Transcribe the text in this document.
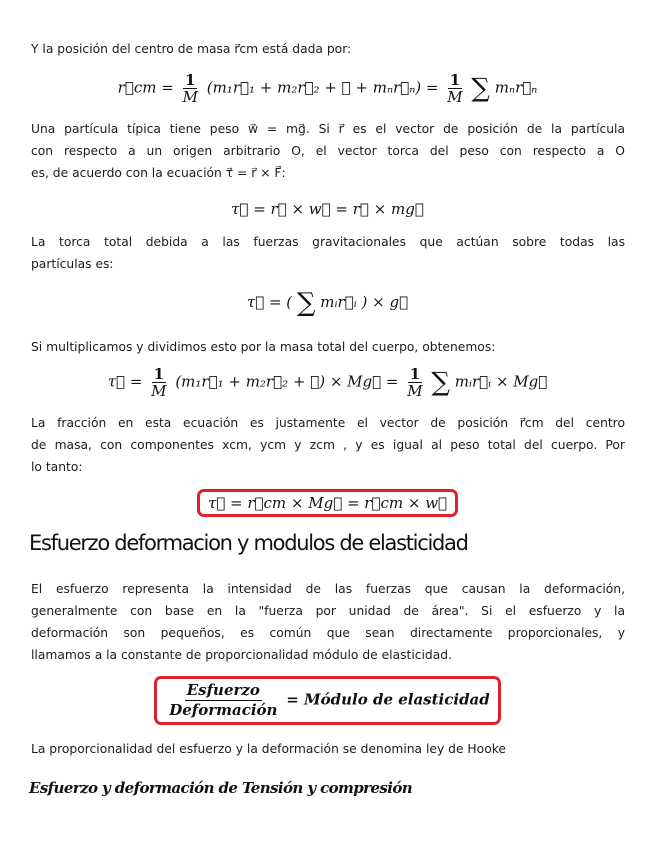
Y la posición del centro de masa r⃗cm está dada por:
r⃗cm = $\frac{1}{M}$ (m₁r⃗₁ + m₂r⃗₂ + ⋯ + mₙr⃗ₙ) = $\frac{1}{M}$ ∑ mₙr⃗ₙ
Una partícula típica tiene peso w⃗ = mg⃗. Si r⃗ es el vector de posición de la partícula
con respecto a un origen arbitrario O, el vector torca del peso con respecto a O
es, de acuerdo con la ecuación τ⃗ = r⃗ × F⃗:
τ⃗ = r⃗ × w⃗ = r⃗ × mg⃗
La torca total debida a las fuerzas gravitacionales que actúan sobre todas las
partículas es:
τ⃗ = ( ∑ mᵢr⃗ᵢ ) × g⃗
Si multiplicamos y dividimos esto por la masa total del cuerpo, obtenemos:
τ⃗ = $\frac{1}{M}$ (m₁r⃗₁ + m₂r⃗₂ + ⋯) × Mg⃗ = $\frac{1}{M}$ ∑ mᵢr⃗ᵢ × Mg⃗
La fracción en esta ecuación es justamente el vector de posición r⃗cm del centro
de masa, con componentes xcm, ycm y zcm , y es igual al peso total del cuerpo. Por
lo tanto:
τ⃗ = r⃗cm × Mg⃗ = r⃗cm × w⃗
Esfuerzo deformacion y modulos de elasticidad
El esfuerzo representa la intensidad de las fuerzas que causan la deformación,
generalmente con base en la "fuerza por unidad de área". Si el esfuerzo y la
deformación son pequeños, es común que sean directamente proporcionales, y
llamamos a la constante de proporcionalidad módulo de elasticidad.
$\frac{\text{Esfuerzo}}{\text{Deformación}}$ = Módulo de elasticidad
La proporcionalidad del esfuerzo y la deformación se denomina ley de Hooke
Esfuerzo y deformación de Tensión y compresión
